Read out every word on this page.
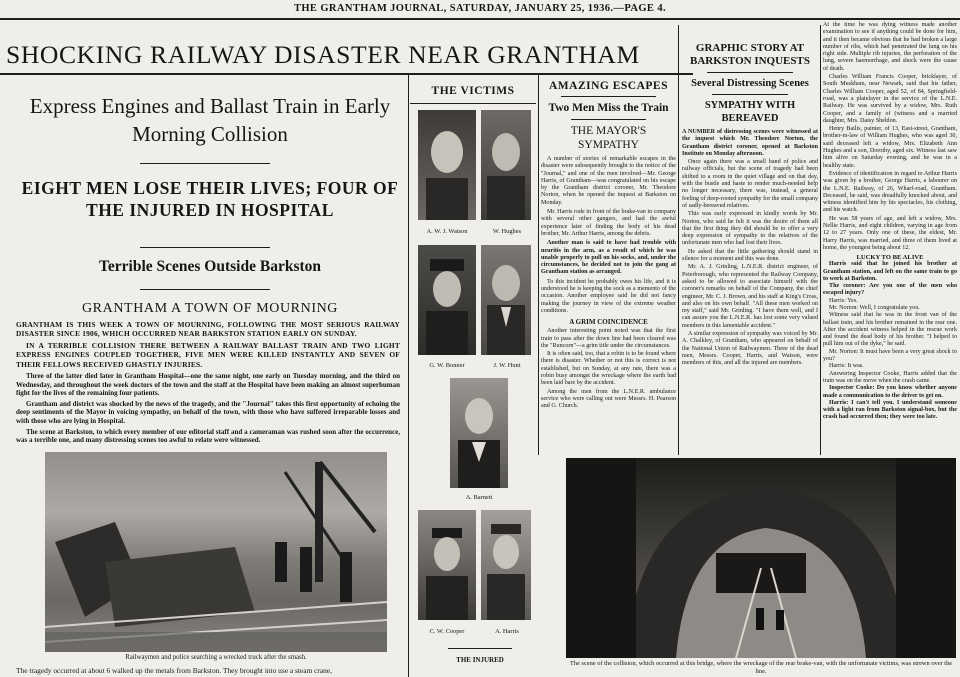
THE GRANTHAM JOURNAL, SATURDAY, JANUARY 25, 1936.—PAGE 4.
SHOCKING RAILWAY DISASTER NEAR GRANTHAM
Express Engines and Ballast Train in Early Morning Collision
EIGHT MEN LOSE THEIR LIVES; FOUR OF THE INJURED IN HOSPITAL
Terrible Scenes Outside Barkston
GRANTHAM A TOWN OF MOURNING

GRANTHAM IS THIS WEEK A TOWN OF MOURNING, FOLLOWING THE MOST SERIOUS RAILWAY DISASTER SINCE 1906, WHICH OCCURRED NEAR BARKSTON STATION EARLY ON SUNDAY.

IN A TERRIBLE COLLISION THERE BETWEEN A RAILWAY BALLAST TRAIN AND TWO LIGHT EXPRESS ENGINES COUPLED TOGETHER, FIVE MEN WERE KILLED INSTANTLY AND SEVEN OF THEIR FELLOWS RECEIVED GHASTLY INJURIES.

Three of the latter died later in Grantham Hospital—one the same night, one early on Tuesday morning, and the third on Wednesday, and throughout the week doctors of the town and the staff at the Hospital have been making an almost superhuman fight for the lives of the remaining four patients.

Grantham and district was shocked by the news of the tragedy, and the "Journal" takes this first opportunity of echoing the deep sentiments of the Mayor in voicing sympathy, on behalf of the town, with those who have suffered irreparable losses and with those who are lying in Hospital.

The scene at Barkston, to which every member of our editorial staff and a cameraman was rushed soon after the occurrence, was a terrible one, and many distressing scenes too awful to relate were witnessed.

Railwaymen and police searching a wrecked truck after the smash.
The tragedy occurred at about 6 walked up the metals from Barkston. They brought into use a steam crane,
THE VICTIMS
A. W. J. Watson	W. Hughes
G. W. Bonner	J. W. Hunt
A. Barnett
C. W. Cooper	A. Harris
THE INJURED
AMAZING ESCAPES
Two Men Miss the Train
THE MAYOR'S SYMPATHY

A number of stories of remarkable escapes in the disaster were subsequently brought to the notice of the "Journal," and one of the men involved—Mr. George Harris, of Grantham—was congratulated on his escape by the Grantham district coroner, Mr. Theodore Norton, when he opened the inquest at Barkston on Monday.

Mr. Harris rode in front of the brake-van in company with several other gangers, and had the awful experience later of finding the body of his dead brother, Mr. Arthur Harris, among the debris.

Another man is said to have had trouble with neuritis in the arm, as a result of which he was unable properly to pull on his socks, and, under the circumstances, he decided not to join the gang at Grantham station as arranged.

To this incident he probably owes his life, and it is understood he is keeping the sock as a memento of the occasion. Another employee said he did not fancy making the journey in view of the extreme weather conditions.

A GRIM COINCIDENCE

Another interesting point noted was that the first train to pass after the down line had been cleared was the "Runcorn"—a grim title under the circumstances.

It is often said, too, that a robin is to be found where there is disaster. Whether or not this is correct is not established, but on Sunday, at any rate, there was a robin busy amongst the wreckage where the earth had been laid bare by the accident.

Among the men from the L.N.E.R. ambulance service who were calling out were Messrs. H. Pearson and G. Church.

GRAPHIC STORY AT BARKSTON INQUESTS
Several Distressing Scenes
SYMPATHY WITH BEREAVED

A NUMBER of distressing scenes were witnessed at the inquest which Mr. Theodore Norton, the Grantham district coroner, opened at Barkston Institute on Monday afternoon.

Once again there was a small band of police and railway officials, but the scene of tragedy had been shifted to a room in the quiet village and on that day, with the bustle and haste to render much-needed help no longer necessary, there was, instead, a general feeling of deep-rooted sympathy for the small company of sadly-bereaved relatives.

This was early expressed in kindly words by Mr. Norton, who said he felt it was the desire of them all that the first thing they did should be to offer a very deep expression of sympathy to the relatives of the unfortunate men who had lost their lives.

He asked that the little gathering should stand in silence for a moment and this was done.

Mr. A. J. Grinling, L.N.E.R. district engineer, of Peterborough, who represented the Railway Company, asked to be allowed to associate himself with the coroner's remarks on behalf of the Company, the chief engineer, Mr. C. J. Brown, and his staff at King's Cross, and also on his own behalf. "All these men worked on my staff," said Mr. Grinling. "I have them well, and I can assure you the L.N.E.R. has lost some very valued members in this lamentable accident."

A similar expression of sympathy was voiced by Mr. A. Chalkley, of Grantham, who appeared on behalf of the National Union of Railwaymen. Three of the dead men, Messrs. Cooper, Harris, and Watson, were members of this, and all the injured are members.

At the time he was dying witness made another examination to see if anything could be done for him, and it then became obvious that he had broken a large number of ribs, which had penetrated the lung on his right side. Multiple rib injuries, the perforation of the lung, severe haemorrhage, and shock were the cause of death.

Charles William Francis Cooper, bricklayer, of South Muskham, near Newark, said that his father, Charles William Cooper, aged 52, of 84, Springfield-road, was a platelayer in the service of the L.N.E. Railway. He was survived by a widow, Mrs. Ruth Cooper, and a family of (witness and a married daughter, Mrs. Daisy Sheldon.

Henry Bailis, painter, of 13, East-street, Grantham, brother-in-law of William Hughes, who was aged 30, said deceased left a widow, Mrs. Elizabeth Ann Hughes and a son, Dorothy, aged six. Witness last saw him alive on Saturday evening, and he was in a healthy state.

Evidence of identification in regard to Arthur Harris was given by a brother, George Harris, a labourer on the L.N.E. Railway, of 26, Wharf-road, Grantham. Deceased, he said, was dreadfully knocked about, and witness identified him by his spectacles, his clothing, and his watch.

He was 58 years of age, and left a widow, Mrs. Nellie Harris, and eight children, varying in age from 12 to 27 years. Only one of these, the eldest, Mr. Harry Harris, was married, and three of them lived at home, the youngest being about 12.

LUCKY TO BE ALIVE

Harris said that he joined his brother at Grantham station, and left on the same train to go to work at Barkston.

The coroner: Are you one of the men who escaped injury?

Harris: Yes.

Mr. Norton: Well, I congratulate you.

Witness said that he was in the front van of the ballast train, and his brother remained in the rear one. After the accident witness helped in the rescue work and found the dead body of his brother. "I helped to pull him out of the dyke," he said.

Mr. Norton: It must have been a very great shock to you?

Harris: It was.

Answering Inspector Cooke, Harris added that the train was on the move when the crash came.

Inspector Cooke: Do you know whether anyone made a communication to the driver to get on.

Harris: I can't tell you. I understand someone with a light ran from Barkston signal-box, but the crash had occurred then; they were too late.

The scene of the collision, which occurred at this bridge, where the wreckage of the rear brake-van, with the unfortunate victims, was strewn over the line.
